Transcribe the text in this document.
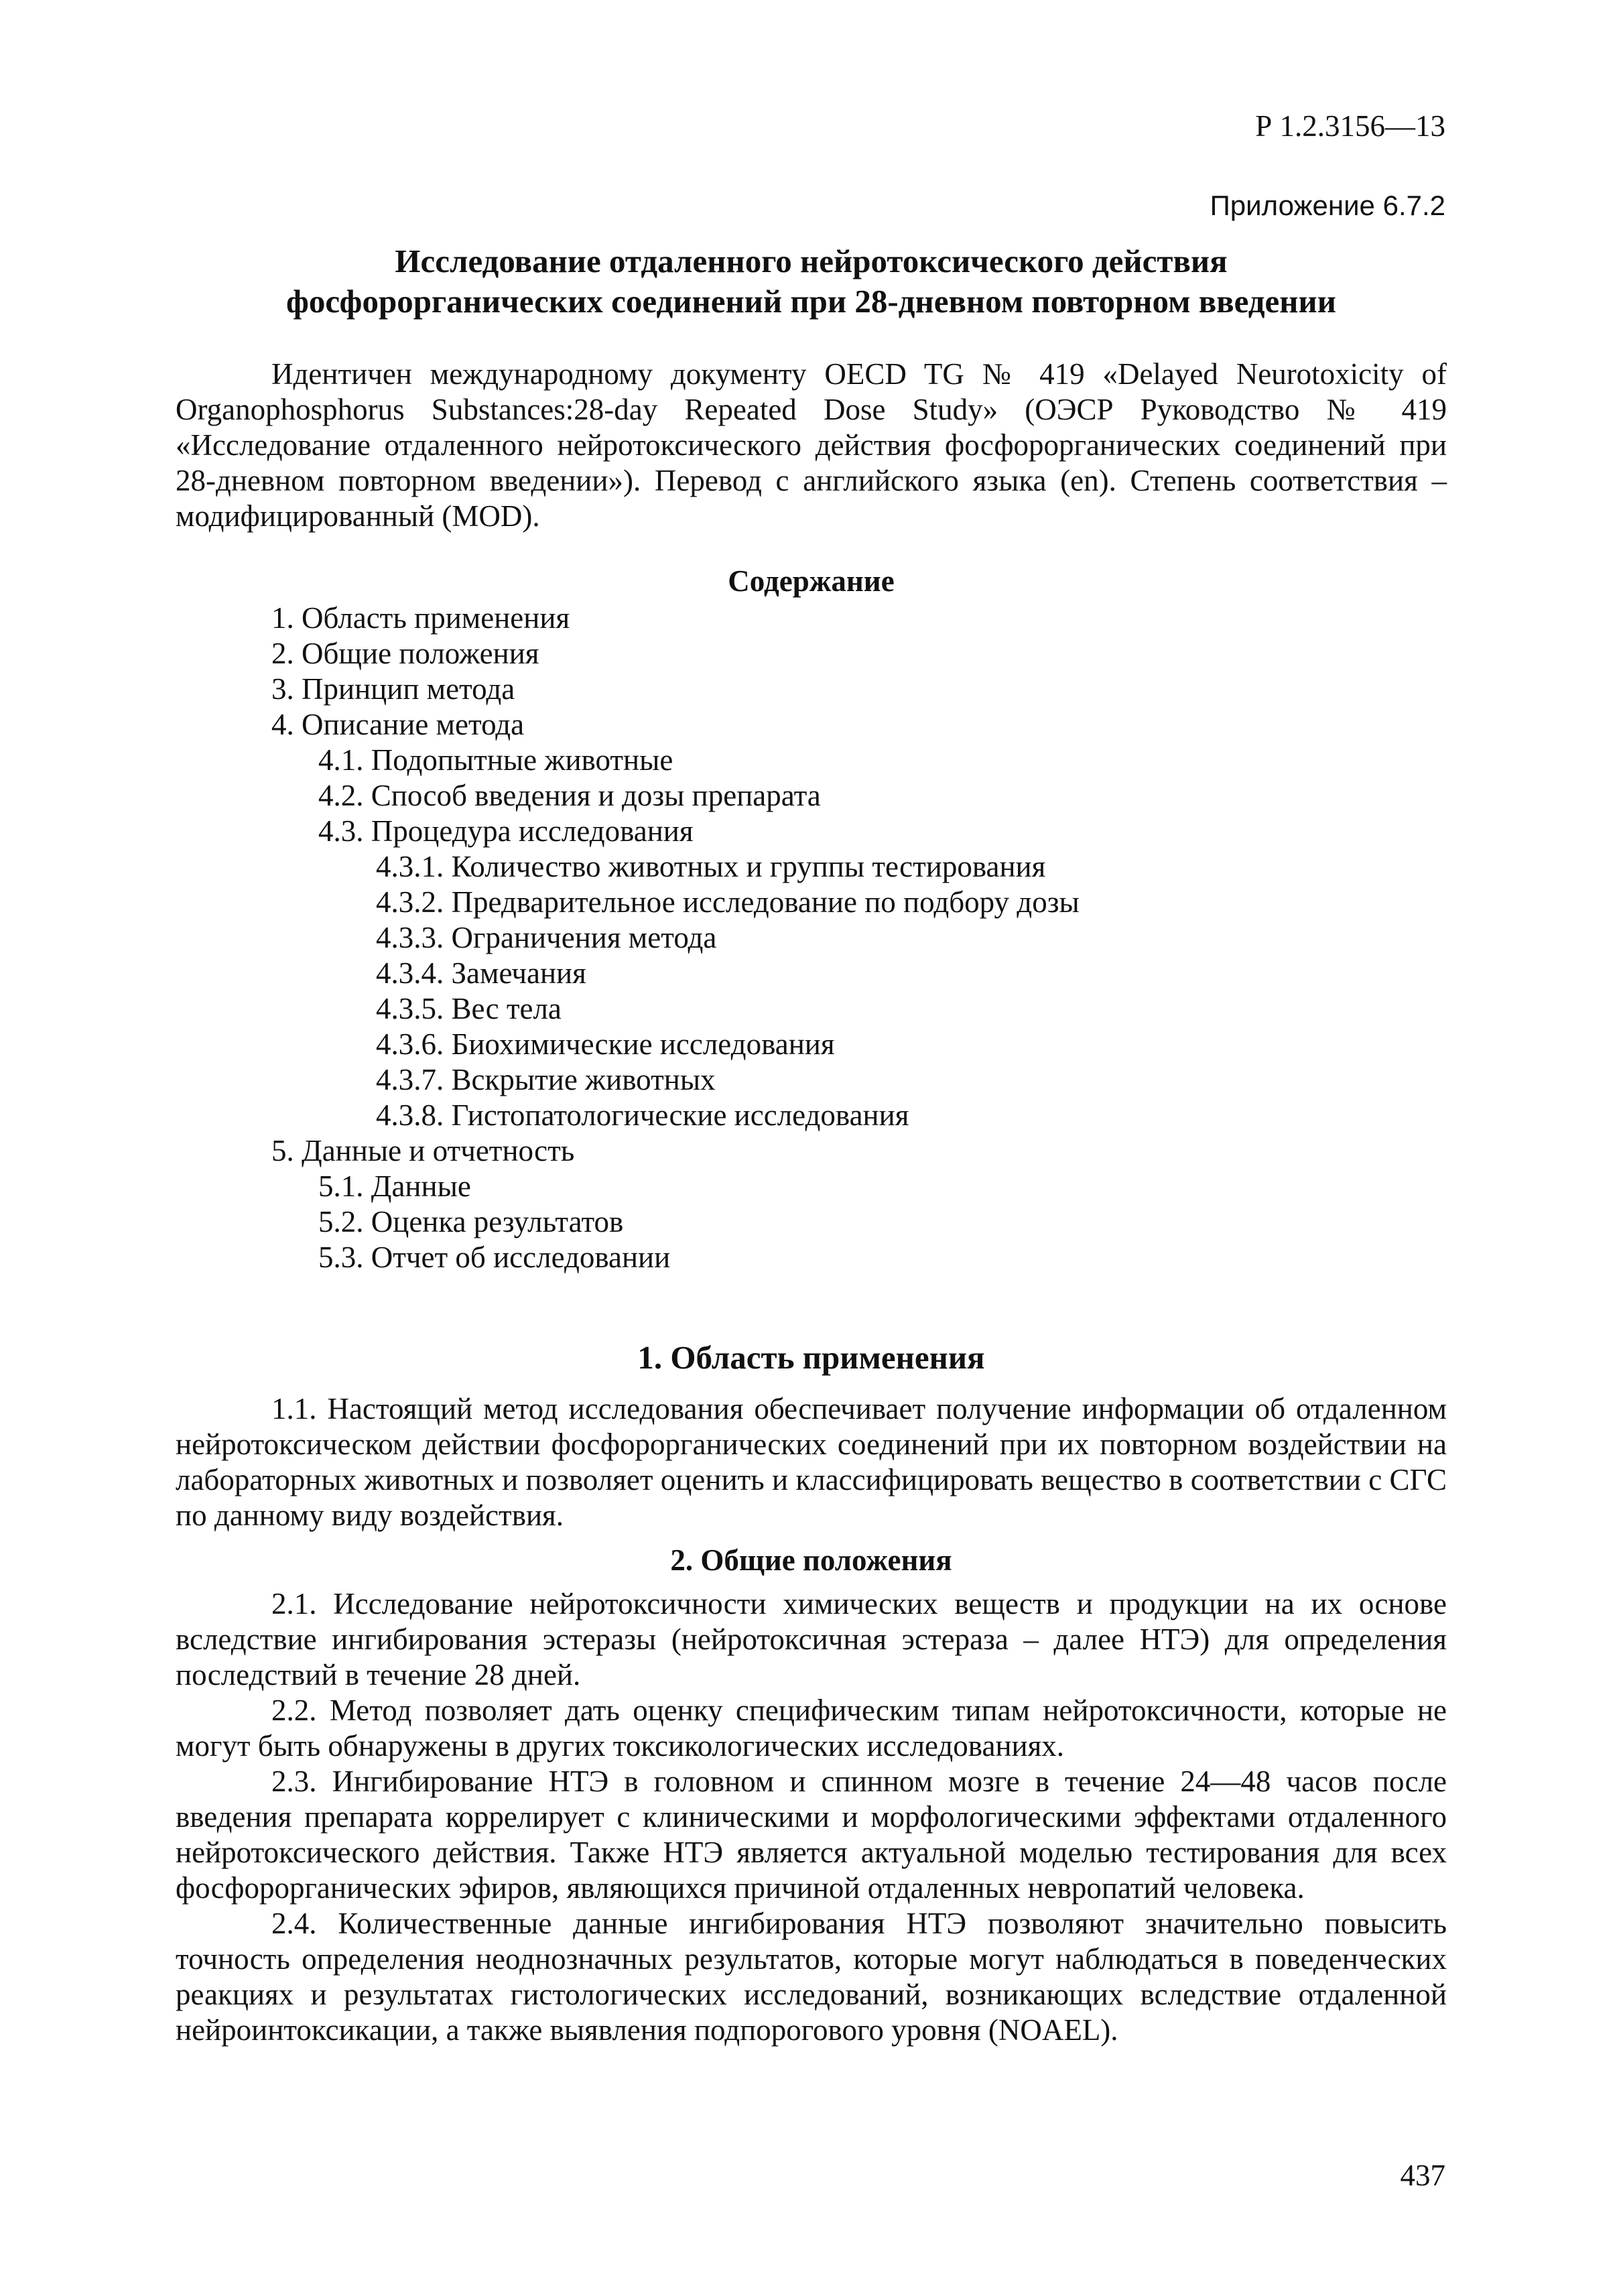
Р 1.2.3156—13
Приложение 6.7.2
Исследование отдаленного нейротоксического действия
фосфорорганических соединений при 28-дневном повторном введении

Идентичен международному документу OECD TG № 419 «Delayed Neurotoxicity of Organophosphorus Substances:28-day Repeated Dose Study» (ОЭСР Руководство № 419 «Исследование отдаленного нейротоксического действия фосфорорганических соединений при 28-дневном повторном введении»). Перевод с английского языка (en). Степень соответствия – модифицированный (MOD).

Содержание
1. Область применения
2. Общие положения
3. Принцип метода
4. Описание метода
4.1. Подопытные животные
4.2. Способ введения и дозы препарата
4.3. Процедура исследования
4.3.1. Количество животных и группы тестирования
4.3.2. Предварительное исследование по подбору дозы
4.3.3. Ограничения метода
4.3.4. Замечания
4.3.5. Вес тела
4.3.6. Биохимические исследования
4.3.7. Вскрытие животных
4.3.8. Гистопатологические исследования
5. Данные и отчетность
5.1. Данные
5.2. Оценка результатов
5.3. Отчет об исследовании
1. Область применения

1.1. Настоящий метод исследования обеспечивает получение информации об отдаленном нейротоксическом действии фосфорорганических соединений при их повторном воздействии на лабораторных животных и позволяет оценить и классифицировать вещество в соответствии с СГС по данному виду воздействия.

2. Общие положения

2.1. Исследование нейротоксичности химических веществ и продукции на их основе вследствие ингибирования эстеразы (нейротоксичная эстераза – далее НТЭ) для определения последствий в течение 28 дней.

2.2. Метод позволяет дать оценку специфическим типам нейротоксичности, которые не могут быть обнаружены в других токсикологических исследованиях.

2.3. Ингибирование НТЭ в головном и спинном мозге в течение 24—48 часов после введения препарата коррелирует с клиническими и морфологическими эффектами отдаленного нейротоксического действия. Также НТЭ является актуальной моделью тестирования для всех фосфорорганических эфиров, являющихся причиной отдаленных невропатий человека.

2.4. Количественные данные ингибирования НТЭ позволяют значительно повысить точность определения неоднозначных результатов, которые могут наблюдаться в поведенческих реакциях и результатах гистологических исследований, возникающих вследствие отдаленной нейроинтоксикации, а также выявления подпорогового уровня (NOAEL).

437
